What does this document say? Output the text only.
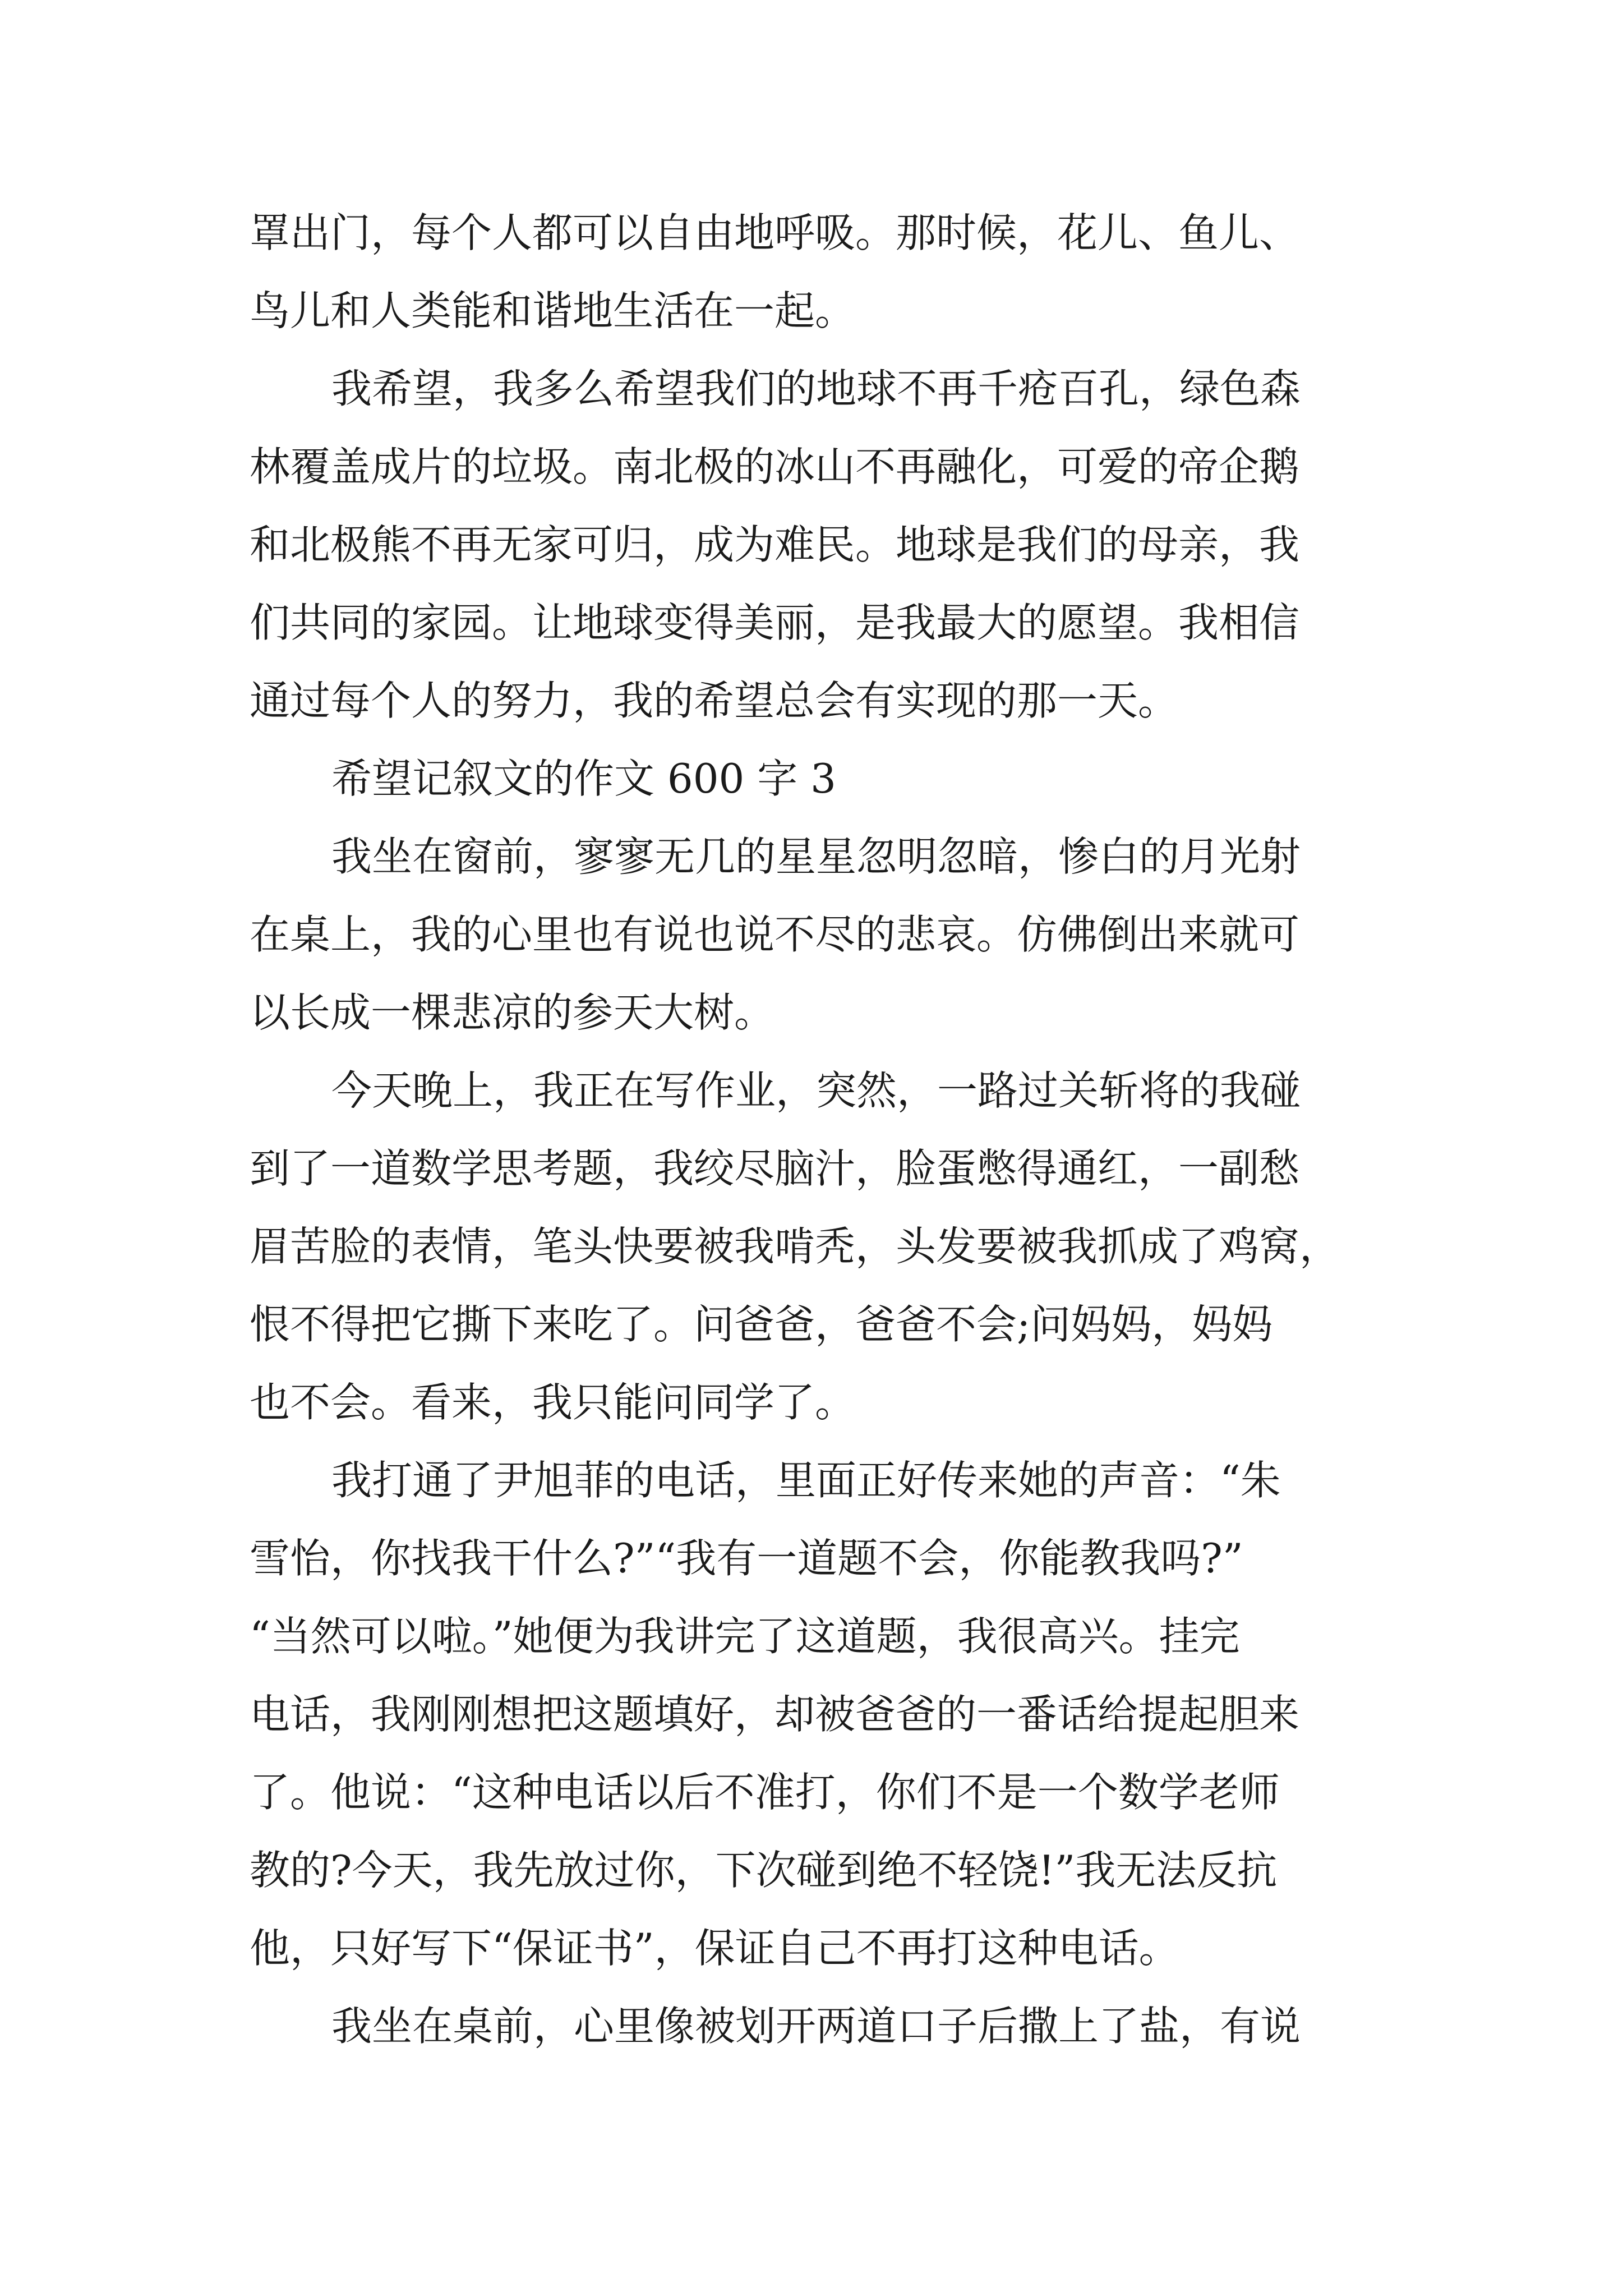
罩出门，每个人都可以自由地呼吸。那时候，花儿、鱼儿、
鸟儿和人类能和谐地生活在一起。
我希望，我多么希望我们的地球不再千疮百孔，绿色森
林覆盖成片的垃圾。南北极的冰山不再融化，可爱的帝企鹅
和北极熊不再无家可归，成为难民。地球是我们的母亲，我
们共同的家园。让地球变得美丽，是我最大的愿望。我相信
通过每个人的努力，我的希望总会有实现的那一天。
希望记叙文的作文 600 字 3
我坐在窗前，寥寥无几的星星忽明忽暗，惨白的月光射
在桌上，我的心里也有说也说不尽的悲哀。仿佛倒出来就可
以长成一棵悲凉的参天大树。
今天晚上，我正在写作业，突然，一路过关斩将的我碰
到了一道数学思考题，我绞尽脑汁，脸蛋憋得通红，一副愁
眉苦脸的表情，笔头快要被我啃秃，头发要被我抓成了鸡窝，
恨不得把它撕下来吃了。问爸爸，爸爸不会;问妈妈，妈妈
也不会。看来，我只能问同学了。
我打通了尹旭菲的电话，里面正好传来她的声音：“朱
雪怡，你找我干什么?”“我有一道题不会，你能教我吗?”
“当然可以啦。”她便为我讲完了这道题，我很高兴。挂完
电话，我刚刚想把这题填好，却被爸爸的一番话给提起胆来
了。他说：“这种电话以后不准打，你们不是一个数学老师
教的?今天，我先放过你，下次碰到绝不轻饶!”我无法反抗
他，只好写下“保证书”，保证自己不再打这种电话。
我坐在桌前，心里像被划开两道口子后撒上了盐，有说
